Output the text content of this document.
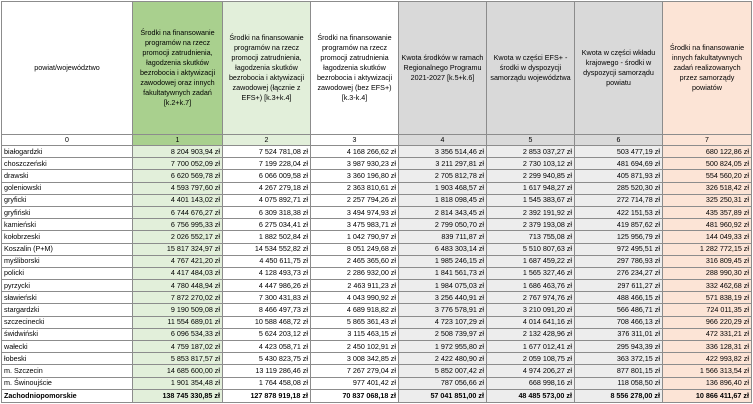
powiat/województwo	Środki na finansowanie programów na rzecz promocji zatrudnienia, łagodzenia skutków bezrobocia i aktywizacji zawodowej oraz innych fakultatywnych zadań [k.2+k.7]	Środki na finansowanie programów na rzecz promocji zatrudnienia, łagodzenia skutków bezrobocia i aktywizacji zawodowej (łącznie z EFS+) [k.3+k.4]	Środki na finansowanie programów na rzecz promocji zatrudnienia łagodzenia skutków bezrobocia i aktywizacji zawodowej (bez EFS+) [k.3-k.4]	Kwota środków w ramach Regionalnego Programu 2021-2027 [k.5+k.6]	Kwota w części EFS+ - środki w dyspozycji samorządu województwa	Kwota w części wkładu krajowego - środki w dyspozycji samorządu powiatu	Środki na finansowanie innych fakultatywnych zadań realizowanych przez samorządy powiatów
0	1	2	3	4	5	6	7
białogardzki	8 204 903,94 zł	7 524 781,08 zł	4 168 266,62 zł	3 356 514,46 zł	2 853 037,27 zł	503 477,19 zł	680 122,86 zł
choszczeński	7 700 052,09 zł	7 199 228,04 zł	3 987 930,23 zł	3 211 297,81 zł	2 730 103,12 zł	481 694,69 zł	500 824,05 zł
drawski	6 620 569,78 zł	6 066 009,58 zł	3 360 196,80 zł	2 705 812,78 zł	2 299 940,85 zł	405 871,93 zł	554 560,20 zł
goleniowski	4 593 797,60 zł	4 267 279,18 zł	2 363 810,61 zł	1 903 468,57 zł	1 617 948,27 zł	285 520,30 zł	326 518,42 zł
gryficki	4 401 143,02 zł	4 075 892,71 zł	2 257 794,26 zł	1 818 098,45 zł	1 545 383,67 zł	272 714,78 zł	325 250,31 zł
gryfiński	6 744 676,27 zł	6 309 318,38 zł	3 494 974,93 zł	2 814 343,45 zł	2 392 191,92 zł	422 151,53 zł	435 357,89 zł
kamieński	6 756 995,33 zł	6 275 034,41 zł	3 475 983,71 zł	2 799 050,70 zł	2 379 193,08 zł	419 857,62 zł	481 960,92 zł
kołobrzeski	2 026 552,17 zł	1 882 502,84 zł	1 042 790,97 zł	839 711,87 zł	713 755,08 zł	125 956,79 zł	144 049,33 zł
Koszalin (P+M)	15 817 324,97 zł	14 534 552,82 zł	8 051 249,68 zł	6 483 303,14 zł	5 510 807,63 zł	972 495,51 zł	1 282 772,15 zł
myśliborski	4 767 421,20 zł	4 450 611,75 zł	2 465 365,60 zł	1 985 246,15 zł	1 687 459,22 zł	297 786,93 zł	316 809,45 zł
policki	4 417 484,03 zł	4 128 493,73 zł	2 286 932,00 zł	1 841 561,73 zł	1 565 327,46 zł	276 234,27 zł	288 990,30 zł
pyrzycki	4 780 448,94 zł	4 447 986,26 zł	2 463 911,23 zł	1 984 075,03 zł	1 686 463,76 zł	297 611,27 zł	332 462,68 zł
sławieński	7 872 270,02 zł	7 300 431,83 zł	4 043 990,92 zł	3 256 440,91 zł	2 767 974,76 zł	488 466,15 zł	571 838,19 zł
stargardzki	9 190 509,08 zł	8 466 497,73 zł	4 689 918,82 zł	3 776 578,91 zł	3 210 091,20 zł	566 486,71 zł	724 011,35 zł
szczecinecki	11 554 689,01 zł	10 588 468,72 zł	5 865 361,43 zł	4 723 107,29 zł	4 014 641,16 zł	708 466,13 zł	966 220,29 zł
świdwiński	6 096 534,33 zł	5 624 203,12 zł	3 115 463,15 zł	2 508 739,97 zł	2 132 428,96 zł	376 311,01 zł	472 331,21 zł
wałecki	4 759 187,02 zł	4 423 058,71 zł	2 450 102,91 zł	1 972 955,80 zł	1 677 012,41 zł	295 943,39 zł	336 128,31 zł
łobeski	5 853 817,57 zł	5 430 823,75 zł	3 008 342,85 zł	2 422 480,90 zł	2 059 108,75 zł	363 372,15 zł	422 993,82 zł
m. Szczecin	14 685 600,00 zł	13 119 286,46 zł	7 267 279,04 zł	5 852 007,42 zł	4 974 206,27 zł	877 801,15 zł	1 566 313,54 zł
m. Świnoujście	1 901 354,48 zł	1 764 458,08 zł	977 401,42 zł	787 056,66 zł	668 998,16 zł	118 058,50 zł	136 896,40 zł
Zachodniopomorskie	138 745 330,85 zł	127 878 919,18 zł	70 837 068,18 zł	57 041 851,00 zł	48 485 573,00 zł	8 556 278,00 zł	10 866 411,67 zł
